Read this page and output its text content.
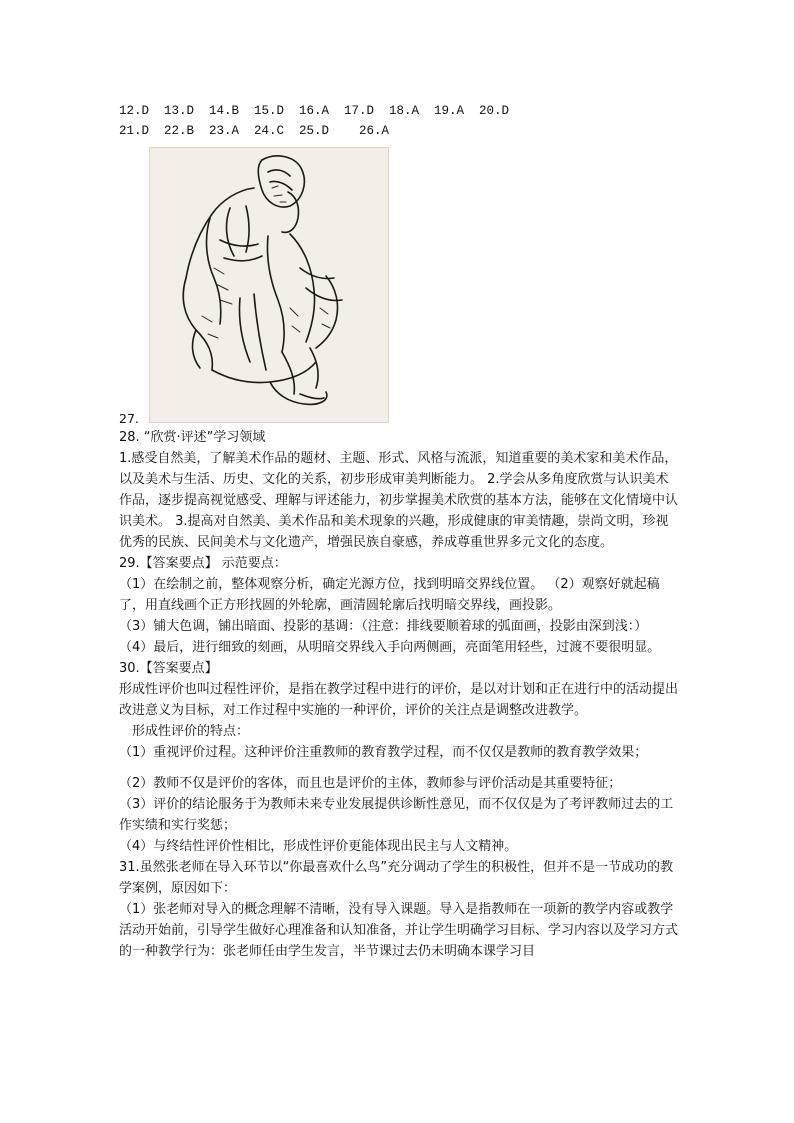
12.D  13.D  14.B  15.D  16.A  17.D  18.A  19.A  20.D
21.D  22.B  23.A  24.C  25.D    26.A
27.

28. “欣赏·评述”学习领域

1.感受自然美，了解美术作品的题材、主题、形式、风格与流派，知道重要的美术家和美术作品，以及美术与生活、历史、文化的关系，初步形成审美判断能力。 2.学会从多角度欣赏与认识美术作品，逐步提高视觉感受、理解与评述能力，初步掌握美术欣赏的基本方法，能够在文化情境中认识美术。 3.提高对自然美、美术作品和美术现象的兴趣，形成健康的审美情趣，崇尚文明，珍视优秀的民族、民间美术与文化遗产，增强民族自豪感，养成尊重世界多元文化的态度。

29.【答案要点】 示范要点：

（1）在绘制之前，整体观察分析，确定光源方位，找到明暗交界线位置。 （2）观察好就起稿了，用直线画个正方形找圆的外轮廓，画清圆轮廓后找明暗交界线，画投影。

（3）铺大色调，铺出暗面、投影的基调：（注意：排线要顺着球的弧面画，投影由深到浅：）

（4）最后，进行细致的刻画，从明暗交界线入手向两侧画，亮面笔用轻些，过渡不要很明显。 30.【答案要点】

形成性评价也叫过程性评价，是指在教学过程中进行的评价，是以对计划和正在进行中的活动提出改进意义为目标，对工作过程中实施的一种评价，评价的关注点是调整改进教学。

形成性评价的特点：

（1）重视评价过程。这种评价注重教师的教育教学过程，而不仅仅是教师的教育教学效果；

（2）教师不仅是评价的客体，而且也是评价的主体，教师参与评价活动是其重要特征；

（3）评价的结论服务于为教师未来专业发展提供诊断性意见，而不仅仅是为了考评教师过去的工作实绩和实行奖惩；

（4）与终结性评价性相比，形成性评价更能体现出民主与人文精神。

31.虽然张老师在导入环节以“你最喜欢什么鸟”充分调动了学生的积极性，但并不是一节成功的教学案例，原因如下：

（1）张老师对导入的概念理解不清晰，没有导入课题。导入是指教师在一项新的教学内容或教学活动开始前，引导学生做好心理准备和认知准备，并让学生明确学习目标、学习内容以及学习方式的一种教学行为：张老师任由学生发言，半节课过去仍未明确本课学习目
